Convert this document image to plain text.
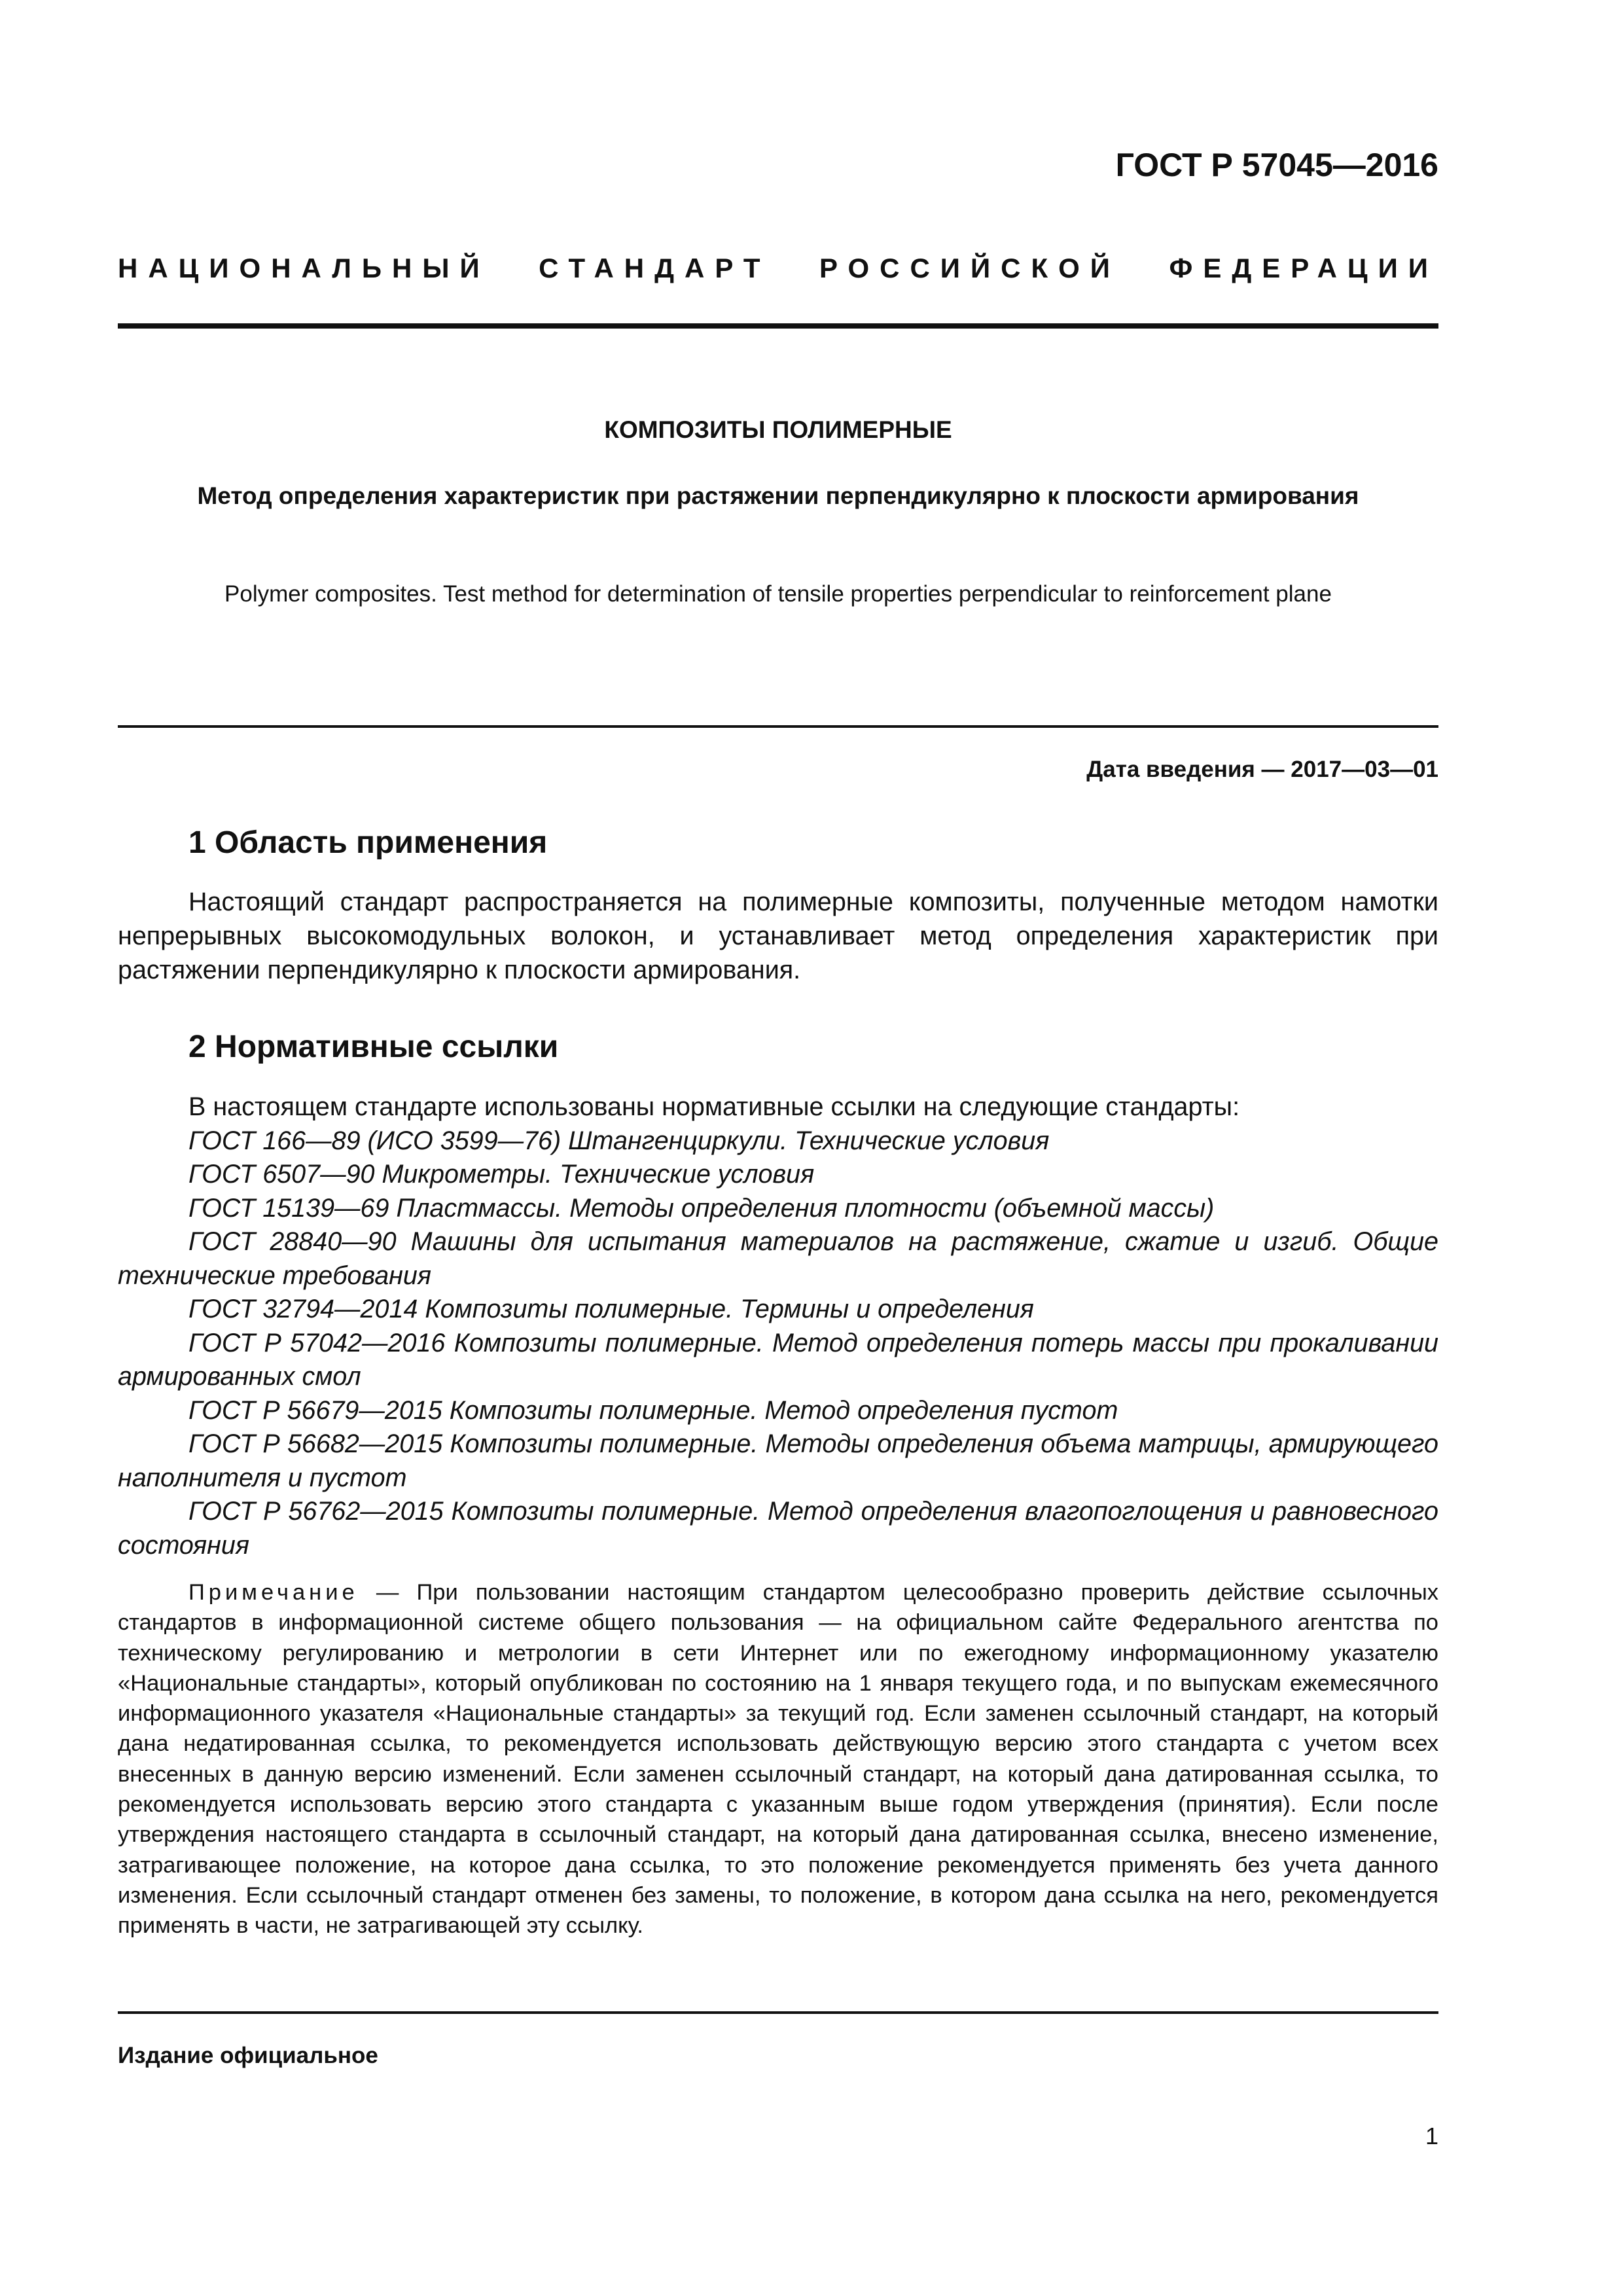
ГОСТ Р 57045—2016
НАЦИОНАЛЬНЫЙ СТАНДАРТ РОССИЙСКОЙ ФЕДЕРАЦИИ
КОМПОЗИТЫ ПОЛИМЕРНЫЕ
Метод определения характеристик при растяжении перпендикулярно к плоскости армирования
Polymer composites. Test method for determination of tensile properties perpendicular to reinforcement plane
Дата введения — 2017—03—01
1 Область применения

Настоящий стандарт распространяется на полимерные композиты, полученные методом намотки непрерывных высокомодульных волокон, и устанавливает метод определения характеристик при растяжении перпендикулярно к плоскости армирования.

2 Нормативные ссылки

В настоящем стандарте использованы нормативные ссылки на следующие стандарты:

ГОСТ 166—89 (ИСО 3599—76) Штангенциркули. Технические условия

ГОСТ 6507—90 Микрометры. Технические условия

ГОСТ 15139—69 Пластмассы. Методы определения плотности (объемной массы)

ГОСТ 28840—90 Машины для испытания материалов на растяжение, сжатие и изгиб. Общие технические требования

ГОСТ 32794—2014 Композиты полимерные. Термины и определения

ГОСТ Р 57042—2016 Композиты полимерные. Метод определения потерь массы при прокаливании армированных смол

ГОСТ Р 56679—2015 Композиты полимерные. Метод определения пустот

ГОСТ Р 56682—2015 Композиты полимерные. Методы определения объема матрицы, армирующего наполнителя и пустот

ГОСТ Р 56762—2015 Композиты полимерные. Метод определения влагопоглощения и равновесного состояния

Примечание — При пользовании настоящим стандартом целесообразно проверить действие ссылочных стандартов в информационной системе общего пользования — на официальном сайте Федерального агентства по техническому регулированию и метрологии в сети Интернет или по ежегодному информационному указателю «Национальные стандарты», который опубликован по состоянию на 1 января текущего года, и по выпускам ежемесячного информационного указателя «Национальные стандарты» за текущий год. Если заменен ссылочный стандарт, на который дана недатированная ссылка, то рекомендуется использовать действующую версию этого стандарта с учетом всех внесенных в данную версию изменений. Если заменен ссылочный стандарт, на который дана датированная ссылка, то рекомендуется использовать версию этого стандарта с указанным выше годом утверждения (принятия). Если после утверждения настоящего стандарта в ссылочный стандарт, на который дана датированная ссылка, внесено изменение, затрагивающее положение, на которое дана ссылка, то это положение рекомендуется применять без учета данного изменения. Если ссылочный стандарт отменен без замены, то положение, в котором дана ссылка на него, рекомендуется применять в части, не затрагивающей эту ссылку.

Издание официальное
1
